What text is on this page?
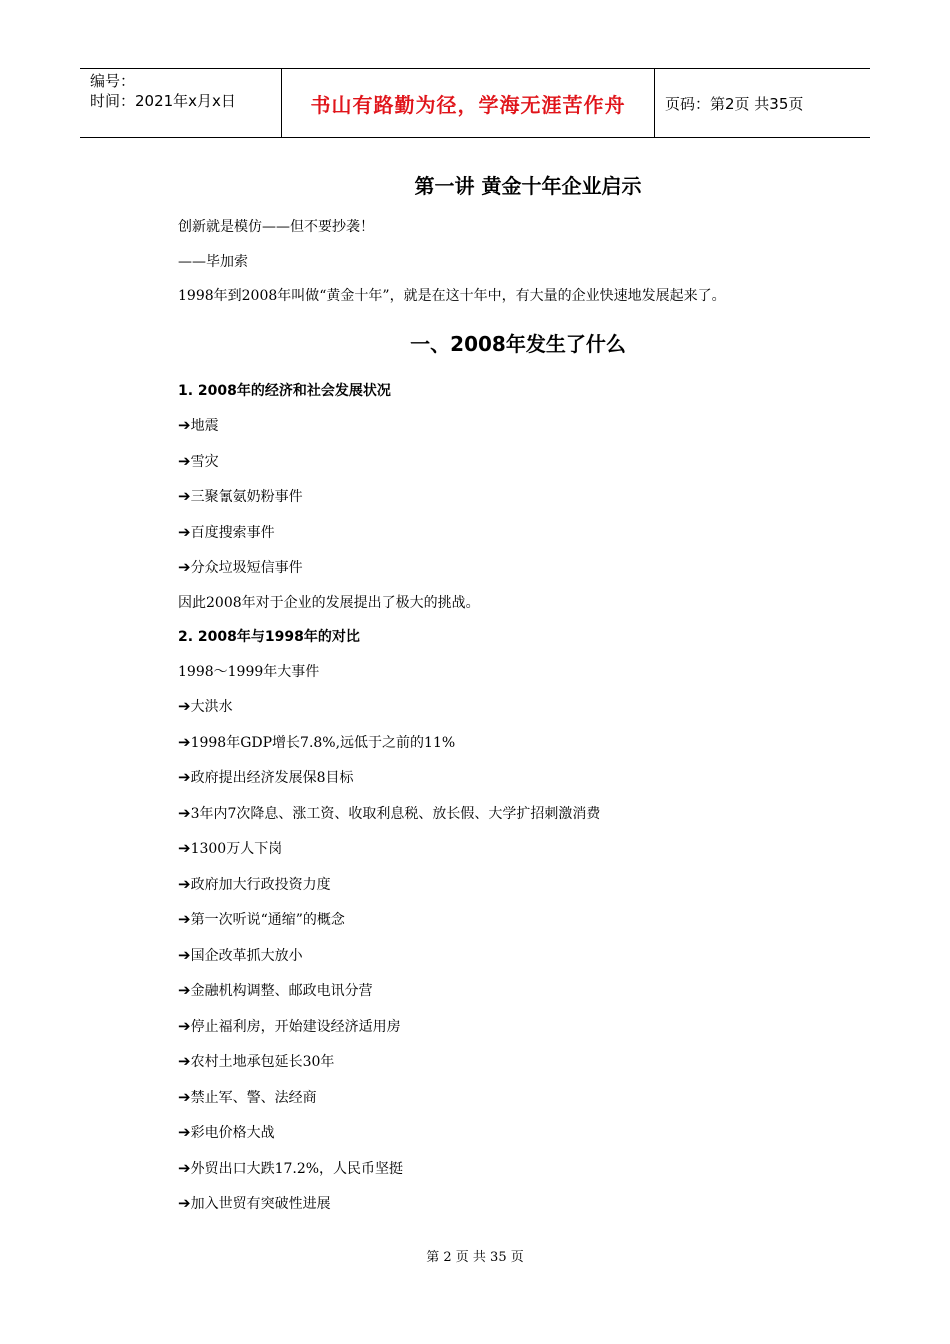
编号：
时间：2021年x月x日	书山有路勤为径，学海无涯苦作舟	页码：第2页 共35页
第一讲 黄金十年企业启示

创新就是模仿——但不要抄袭！

——毕加索

1998年到2008年叫做“黄金十年”，就是在这十年中，有大量的企业快速地发展起来了。

一、2008年发生了什么

1. 2008年的经济和社会发展状况

➔地震

➔雪灾

➔三聚氰氨奶粉事件

➔百度搜索事件

➔分众垃圾短信事件

因此2008年对于企业的发展提出了极大的挑战。

2. 2008年与1998年的对比

1998～1999年大事件

➔大洪水

➔1998年GDP增长7.8%,远低于之前的11%

➔政府提出经济发展保8目标

➔3年内7次降息、涨工资、收取利息税、放长假、大学扩招刺激消费

➔1300万人下岗

➔政府加大行政投资力度

➔第一次听说“通缩”的概念

➔国企改革抓大放小

➔金融机构调整、邮政电讯分营

➔停止福利房，开始建设经济适用房

➔农村土地承包延长30年

➔禁止军、警、法经商

➔彩电价格大战

➔外贸出口大跌17.2%，人民币坚挺

➔加入世贸有突破性进展

第 2 页 共 35 页
